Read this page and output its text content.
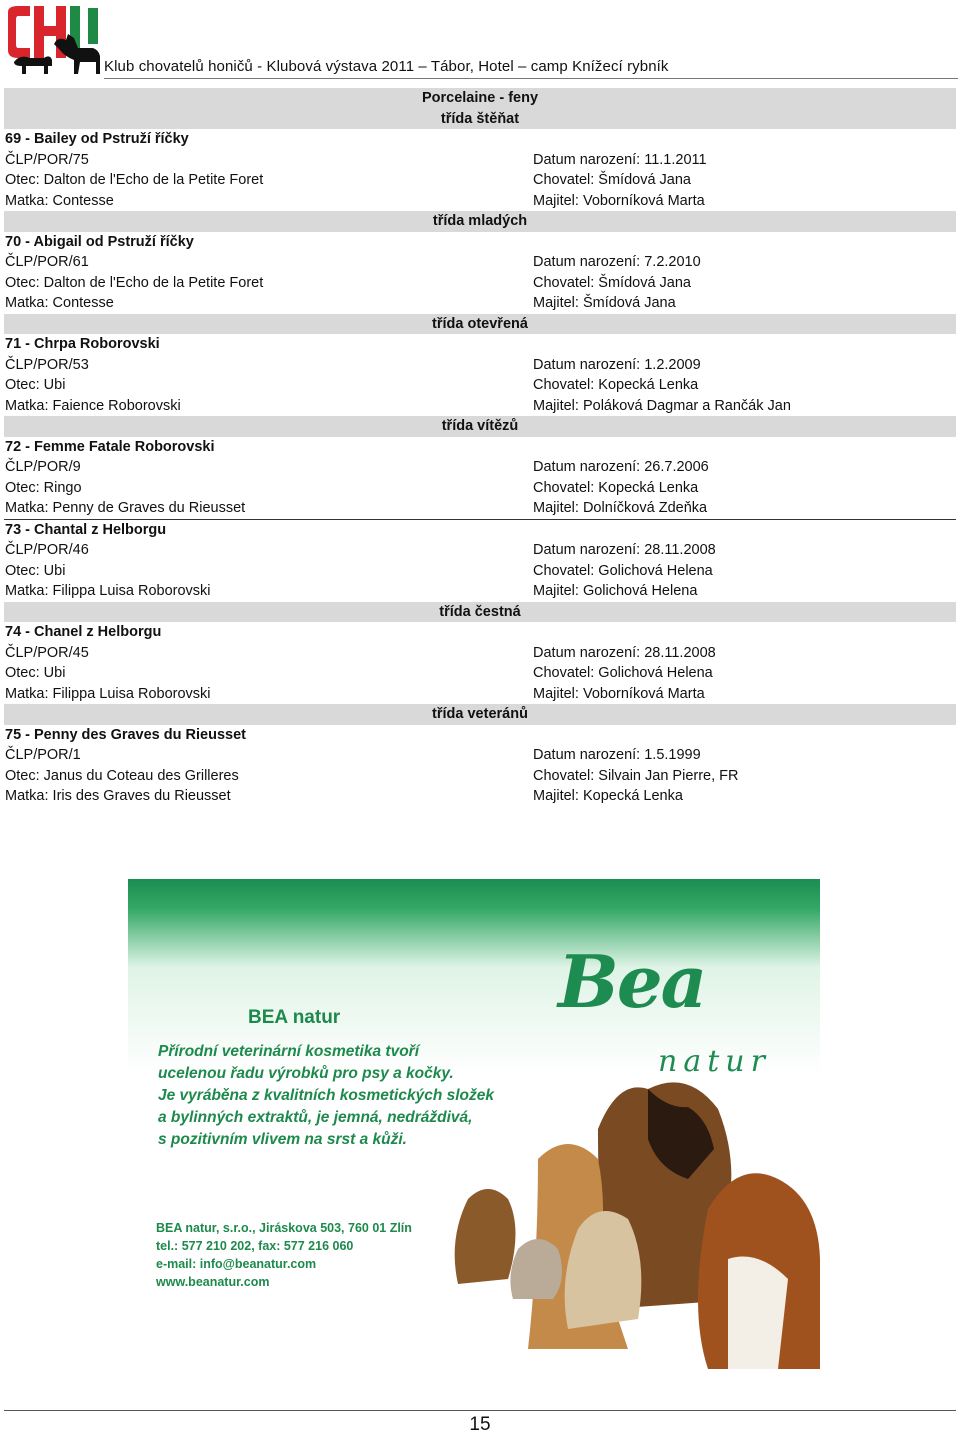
Klub chovatelů honičů - Klubová výstava 2011 – Tábor, Hotel – camp Knížecí rybník
Porcelaine - feny
třída štěňat
69 - Bailey od Pstruží říčky
ČLP/POR/75	Datum narození: 11.1.2011
Otec: Dalton de l'Echo de la Petite Foret	Chovatel: Šmídová Jana
Matka: Contesse	Majitel: Voborníková Marta
třída mladých
70 - Abigail od Pstruží říčky
ČLP/POR/61	Datum narození: 7.2.2010
Otec: Dalton de l'Echo de la Petite Foret	Chovatel: Šmídová Jana
Matka: Contesse	Majitel: Šmídová Jana
třída otevřená
71 - Chrpa Roborovski
ČLP/POR/53	Datum narození: 1.2.2009
Otec: Ubi	Chovatel: Kopecká Lenka
Matka: Faience Roborovski	Majitel: Poláková Dagmar a Rančák Jan
třída vítězů
72 - Femme Fatale Roborovski
ČLP/POR/9	Datum narození: 26.7.2006
Otec: Ringo	Chovatel: Kopecká Lenka
Matka: Penny de Graves du Rieusset	Majitel: Dolníčková Zdeňka
73 - Chantal z Helborgu
ČLP/POR/46	Datum narození: 28.11.2008
Otec: Ubi	Chovatel: Golichová Helena
Matka: Filippa Luisa Roborovski	Majitel: Golichová Helena
třída čestná
74 - Chanel z Helborgu
ČLP/POR/45	Datum narození: 28.11.2008
Otec: Ubi	Chovatel: Golichová Helena
Matka: Filippa Luisa Roborovski	Majitel: Voborníková Marta
třída veteránů
75 - Penny des Graves du Rieusset
ČLP/POR/1	Datum narození: 1.5.1999
Otec: Janus du Coteau des Grilleres	Chovatel: Silvain Jan Pierre, FR
Matka: Iris des Graves du Rieusset	Majitel: Kopecká Lenka
Bea
natur
BEA natur
Přírodní veterinární kosmetika tvoří
ucelenou řadu výrobků pro psy a kočky.
Je vyráběna z kvalitních kosmetických složek
a bylinných extraktů, je jemná, nedráždivá,
s pozitivním vlivem na srst a kůži.
BEA natur, s.r.o., Jiráskova 503, 760 01 Zlín
tel.: 577 210 202, fax: 577 216 060
e-mail: info@beanatur.com
www.beanatur.com
15
